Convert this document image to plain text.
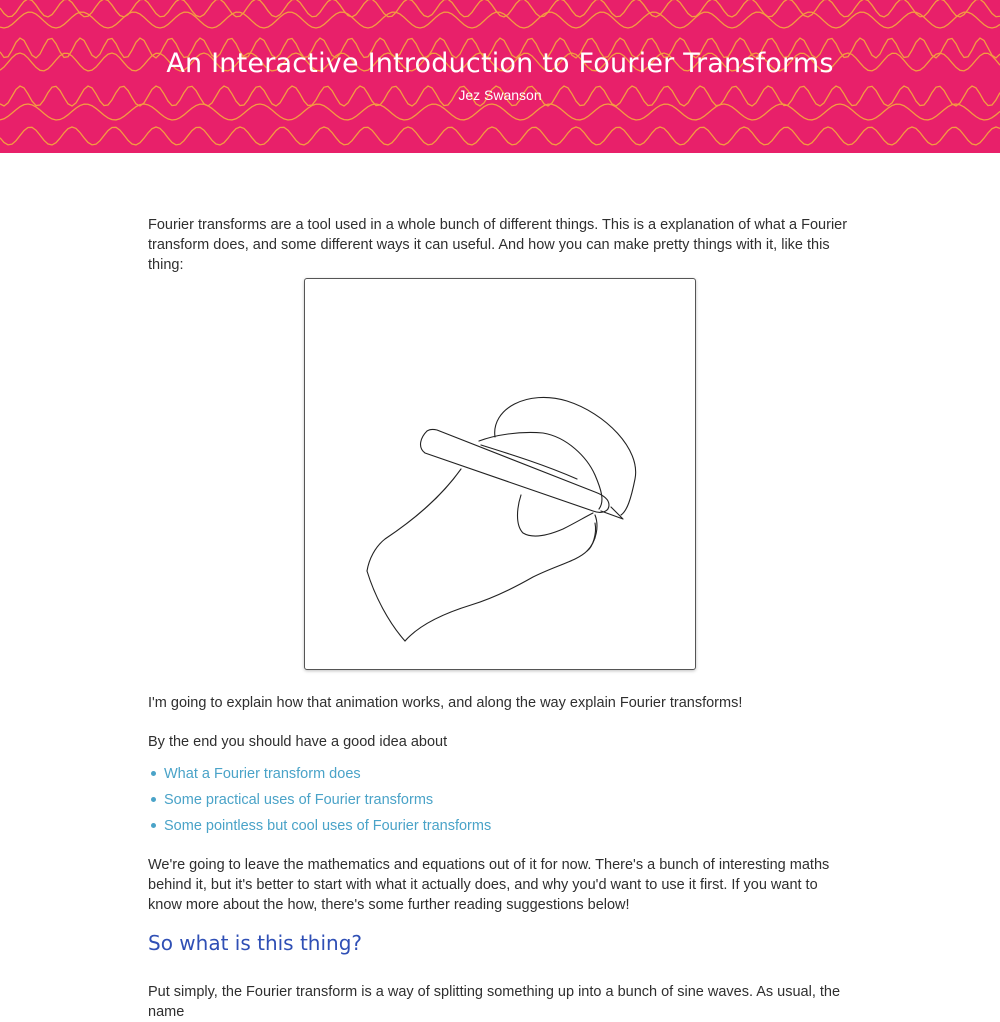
An Interactive Introduction to Fourier Transforms
Jez Swanson

Fourier transforms are a tool used in a whole bunch of different things. This is a explanation of what a Fourier transform does, and some different ways it can useful. And how you can make pretty things with it, like this thing:

I'm going to explain how that animation works, and along the way explain Fourier transforms!

By the end you should have a good idea about

What a Fourier transform does
Some practical uses of Fourier transforms
Some pointless but cool uses of Fourier transforms

We're going to leave the mathematics and equations out of it for now. There's a bunch of interesting maths behind it, but it's better to start with what it actually does, and why you'd want to use it first. If you want to know more about the how, there's some further reading suggestions below!

So what is this thing?

Put simply, the Fourier transform is a way of splitting something up into a bunch of sine waves. As usual, the name
